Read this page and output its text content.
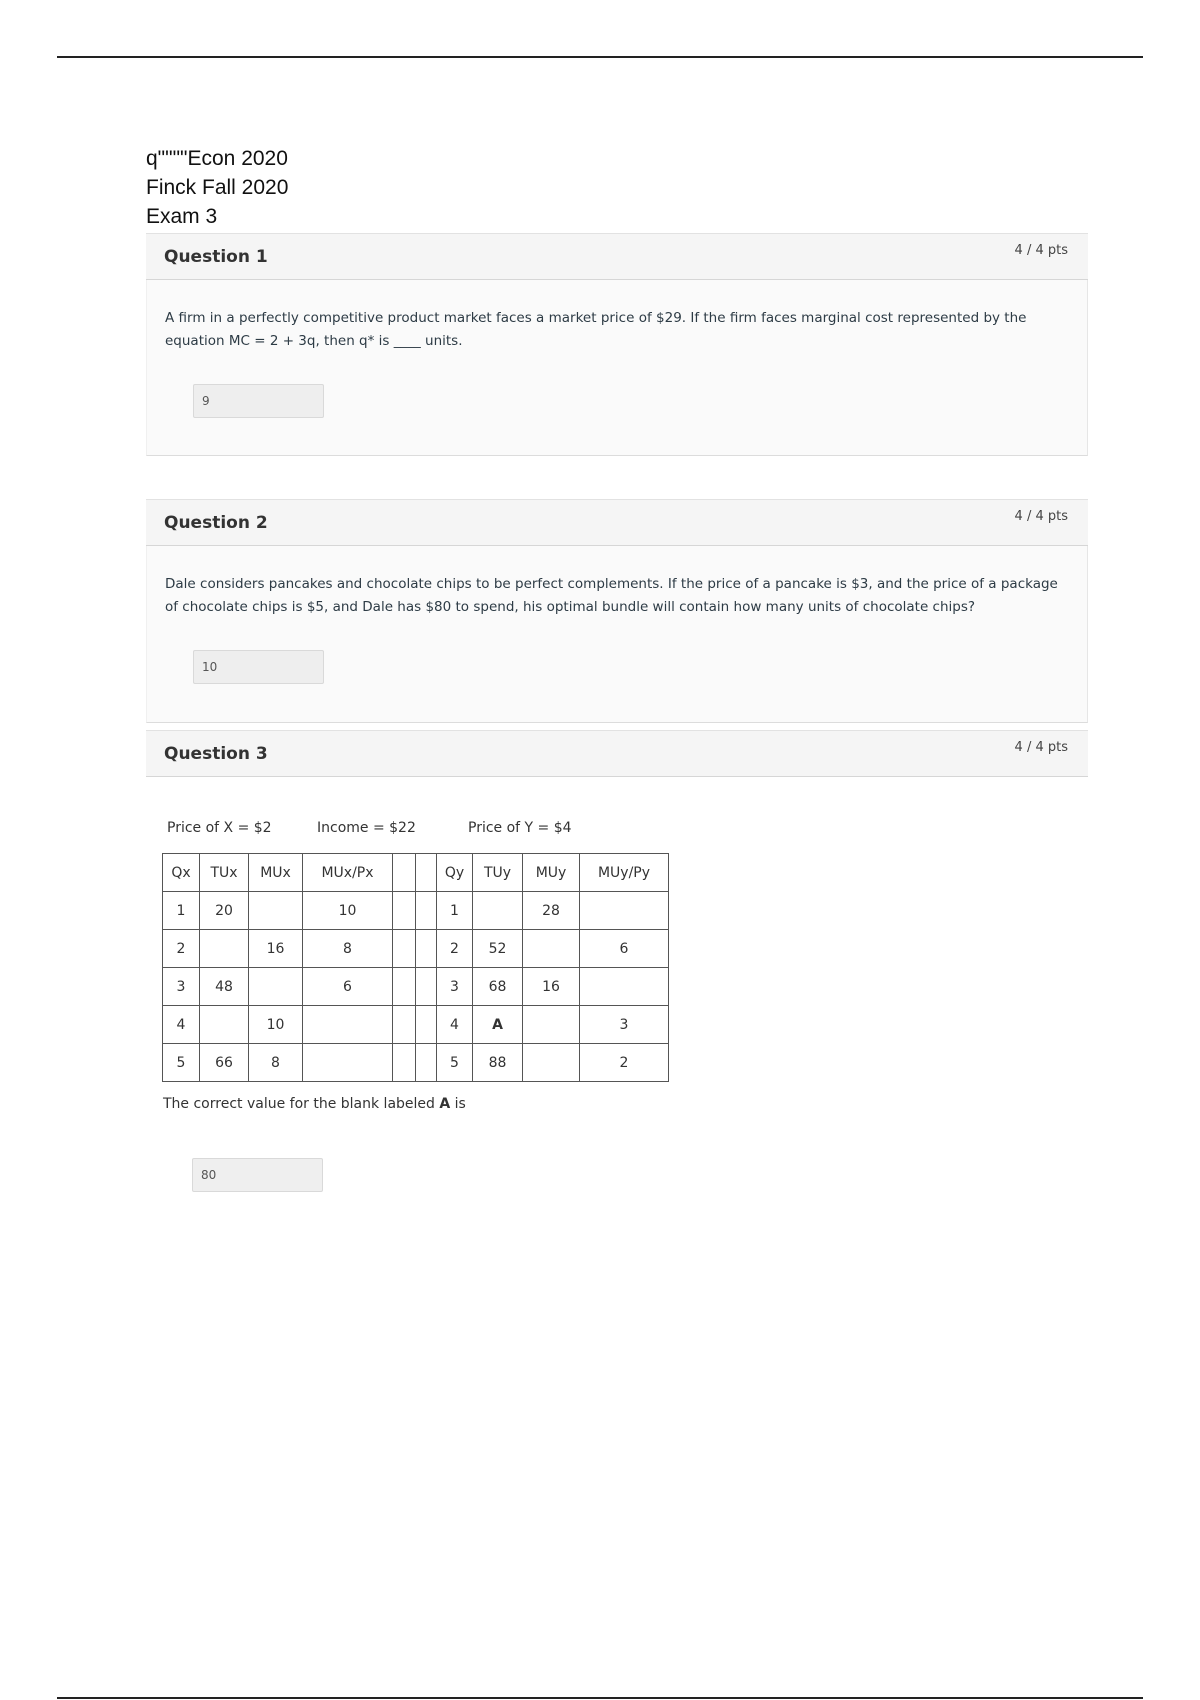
q""""Econ 2020
Finck Fall 2020
Exam 3
Question 1	4 / 4 pts
A firm in a perfectly competitive product market faces a market price of $29. If the firm faces marginal cost represented by the equation MC = 2 + 3q, then q* is ____ units.
9
Question 2	4 / 4 pts
Dale considers pancakes and chocolate chips to be perfect complements. If the price of a pancake is $3, and the price of a package of chocolate chips is $5, and Dale has $80 to spend, his optimal bundle will contain how many units of chocolate chips?
10
Question 3	4 / 4 pts
Price of X = $2	Income = $22	Price of Y = $4
Qx	TUx	MUx	MUx/Px			Qy	TUy	MUy	MUy/Py
1	20		10			1		28	
2		16	8			2	52		6
3	48		6			3	68	16	
4		10				4	A		3
5	66	8				5	88		2
The correct value for the blank labeled A is
80
